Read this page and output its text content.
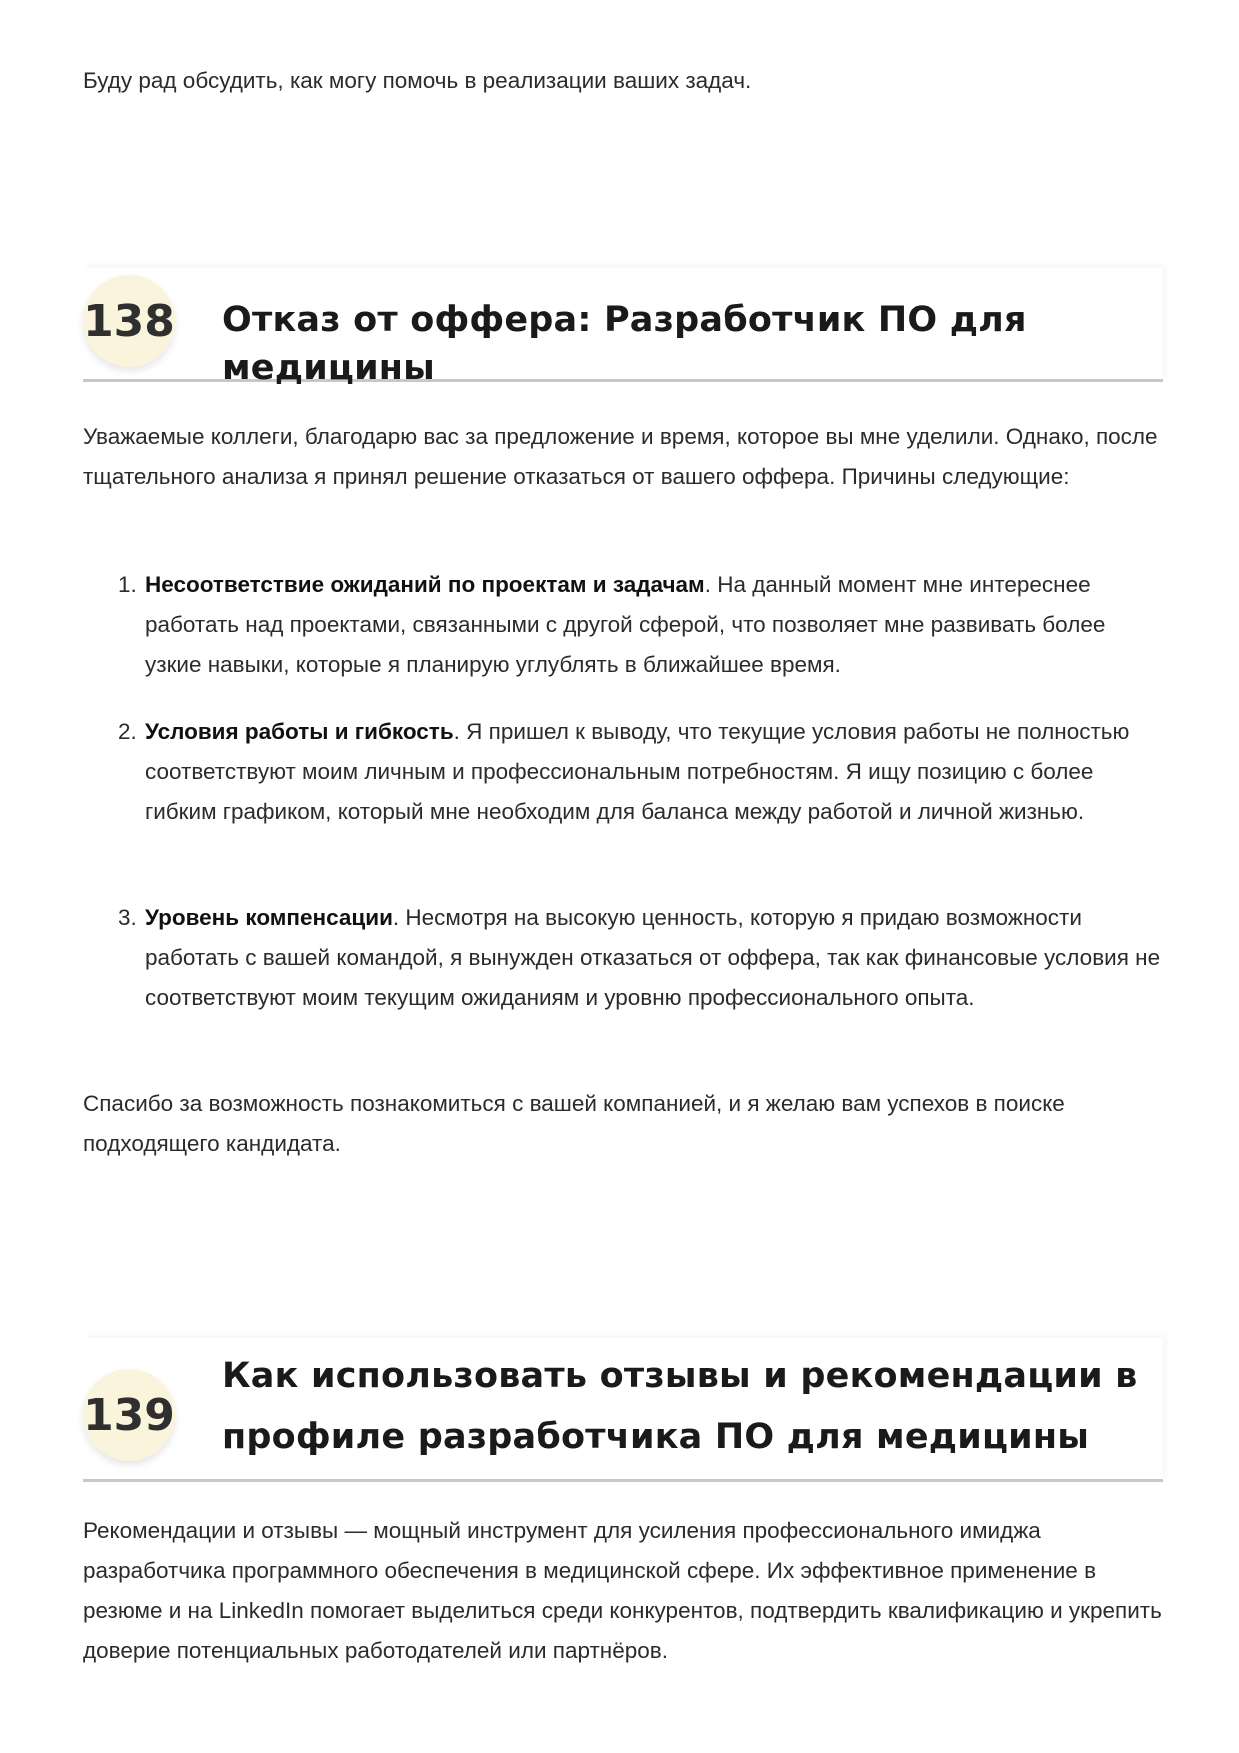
Буду рад обсудить, как могу помочь в реализации ваших задач.

138 Отказ от оффера: Разработчик ПО для медицины

Уважаемые коллеги, благодарю вас за предложение и время, которое вы мне уделили. Однако, после тщательного анализа я принял решение отказаться от вашего оффера. Причины следующие:

1. Несоответствие ожиданий по проектам и задачам. На данный момент мне интереснее работать над проектами, связанными с другой сферой, что позволяет мне развивать более узкие навыки, которые я планирую углублять в ближайшее время.
2. Условия работы и гибкость. Я пришел к выводу, что текущие условия работы не полностью соответствуют моим личным и профессиональным потребностям. Я ищу позицию с более гибким графиком, который мне необходим для баланса между работой и личной жизнью.
3. Уровень компенсации. Несмотря на высокую ценность, которую я придаю возможности работать с вашей командой, я вынужден отказаться от оффера, так как финансовые условия не соответствуют моим текущим ожиданиям и уровню профессионального опыта.

Спасибо за возможность познакомиться с вашей компанией, и я желаю вам успехов в поиске подходящего кандидата.

139
Как использовать отзывы и рекомендации в профиле разработчика ПО для медицины

Рекомендации и отзывы — мощный инструмент для усиления профессионального имиджа разработчика программного обеспечения в медицинской сфере. Их эффективное применение в резюме и на LinkedIn помогает выделиться среди конкурентов, подтвердить квалификацию и укрепить доверие потенциальных работодателей или партнёров.
